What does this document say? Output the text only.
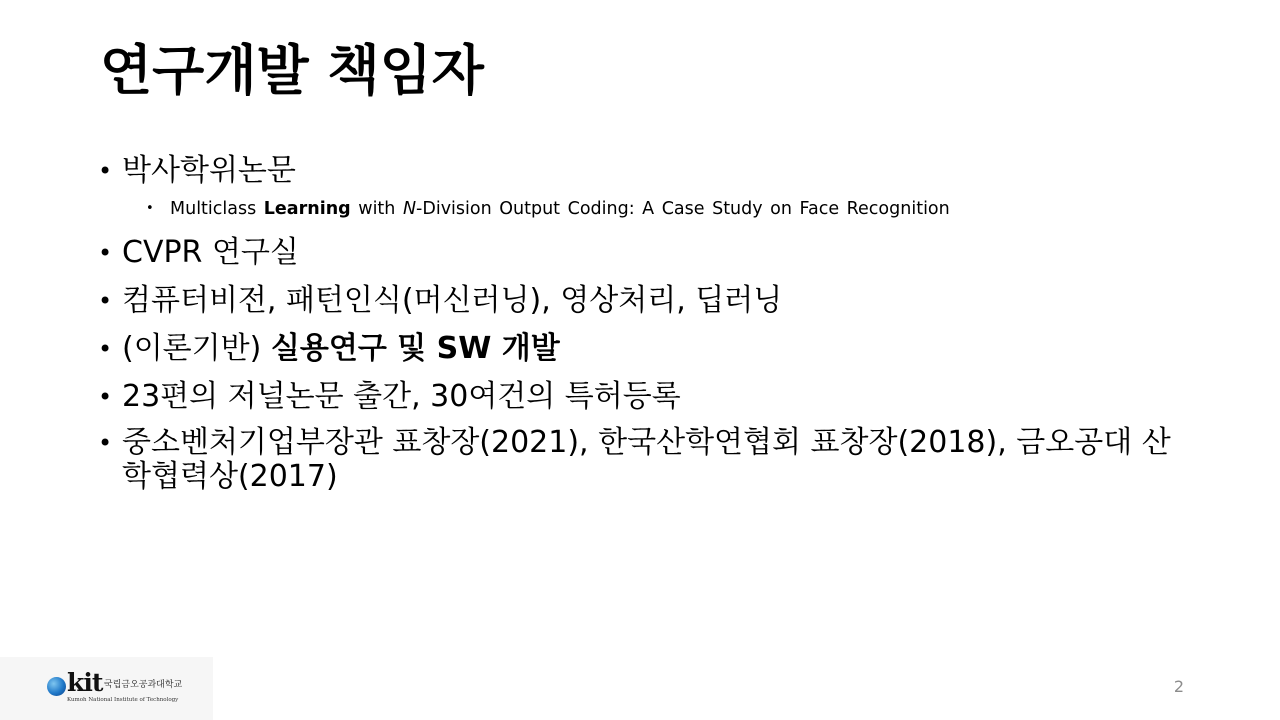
연구개발 책임자
• 박사학위논문
• Multiclass Learning with N-Division Output Coding: A Case Study on Face Recognition
• CVPR 연구실
• 컴퓨터비전, 패턴인식(머신러닝), 영상처리, 딥러닝
• (이론기반) 실용연구 및 SW 개발
• 23편의 저널논문 출간, 30여건의 특허등록
• 중소벤처기업부장관 표창장(2021), 한국산학연협회 표창장(2018), 금오공대 산학협력상(2017)
kit 국립금오공과대학교
Kumoh National Institute of Technology
2
